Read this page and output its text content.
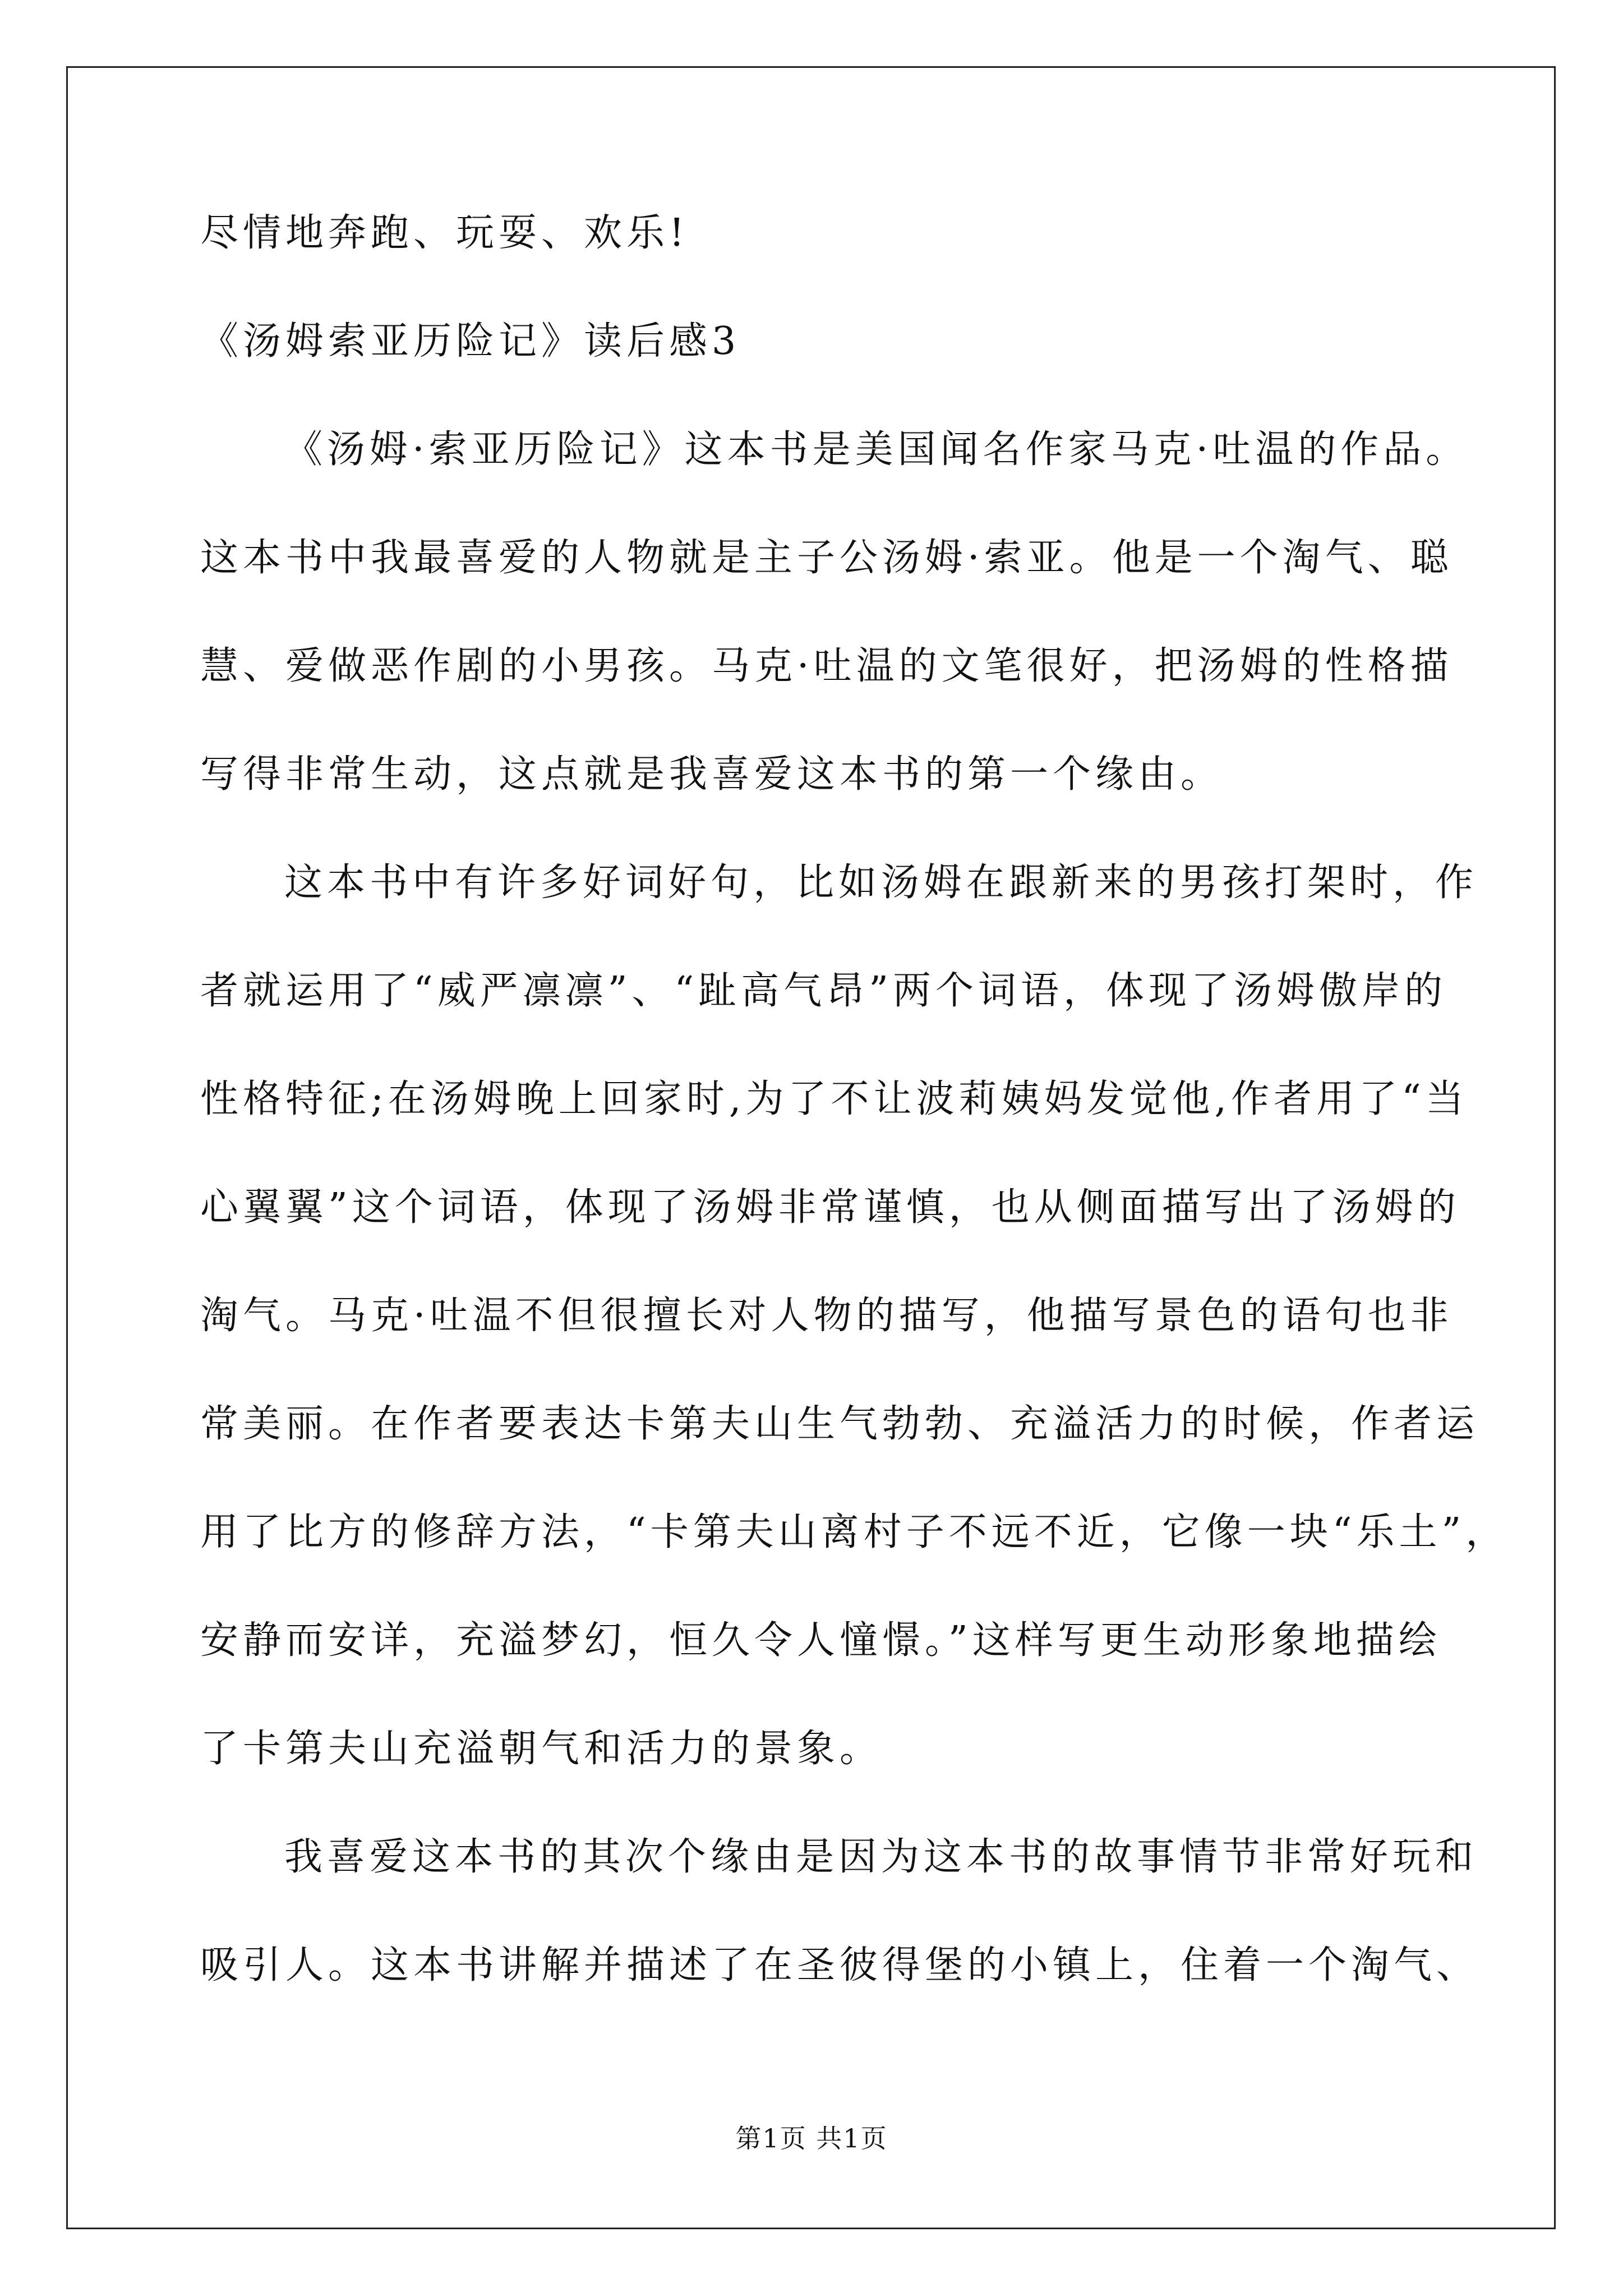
尽情地奔跑、玩耍、欢乐!
《汤姆索亚历险记》读后感3
《汤姆·索亚历险记》这本书是美国闻名作家马克·吐温的作品。
这本书中我最喜爱的人物就是主子公汤姆·索亚。他是一个淘气、聪
慧、爱做恶作剧的小男孩。马克·吐温的文笔很好，把汤姆的性格描
写得非常生动，这点就是我喜爱这本书的第一个缘由。
这本书中有许多好词好句，比如汤姆在跟新来的男孩打架时，作
者就运用了“威严凛凛”、“趾高气昂”两个词语，体现了汤姆傲岸的
性格特征;在汤姆晚上回家时,为了不让波莉姨妈发觉他,作者用了“当
心翼翼”这个词语，体现了汤姆非常谨慎，也从侧面描写出了汤姆的
淘气。马克·吐温不但很擅长对人物的描写，他描写景色的语句也非
常美丽。在作者要表达卡第夫山生气勃勃、充溢活力的时候，作者运
用了比方的修辞方法，“卡第夫山离村子不远不近，它像一块“乐土”，
安静而安详，充溢梦幻，恒久令人憧憬。”这样写更生动形象地描绘
了卡第夫山充溢朝气和活力的景象。
我喜爱这本书的其次个缘由是因为这本书的故事情节非常好玩和
吸引人。这本书讲解并描述了在圣彼得堡的小镇上，住着一个淘气、
第1页 共1页
